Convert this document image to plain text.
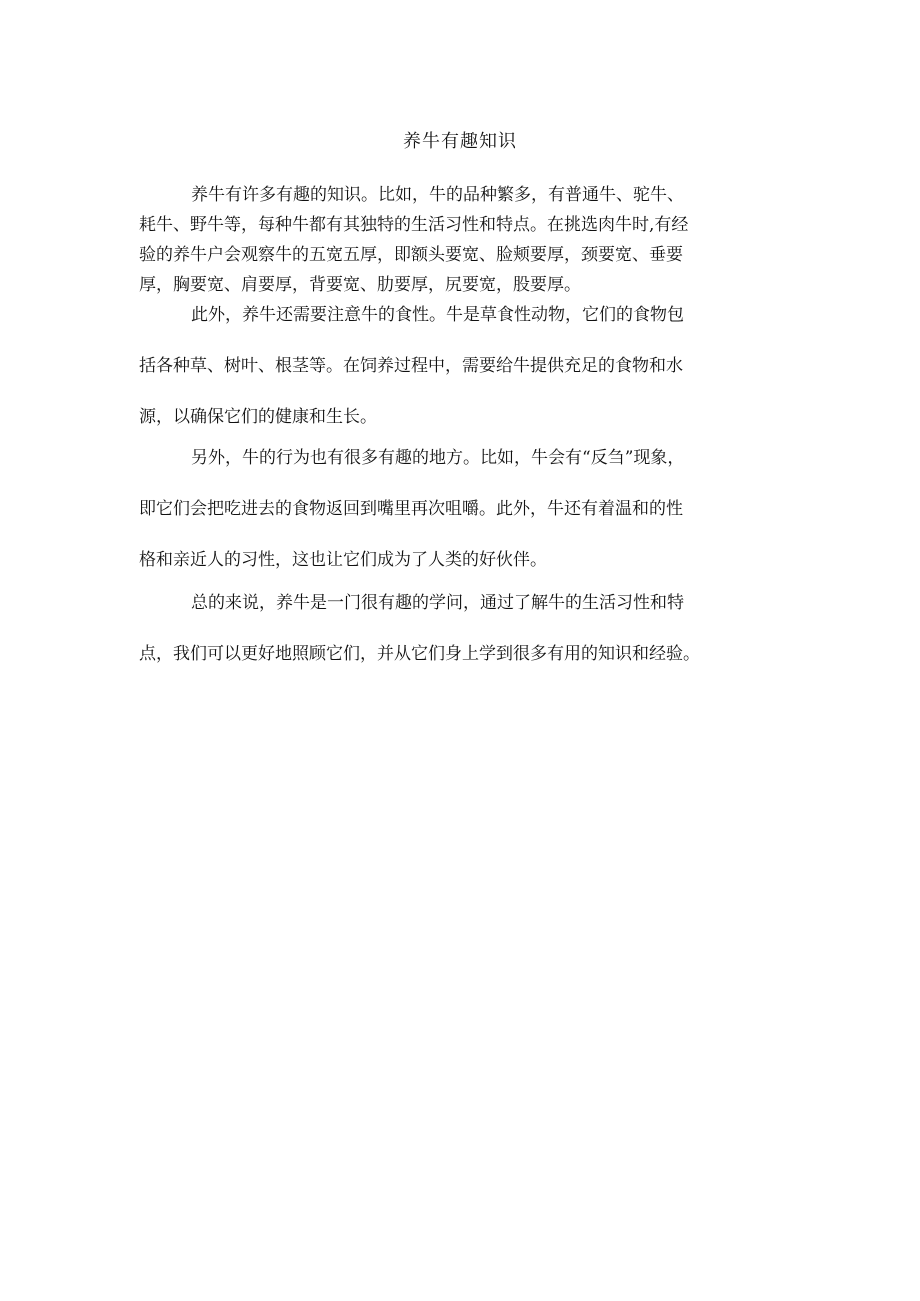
养牛有趣知识

养牛有许多有趣的知识。比如，牛的品种繁多，有普通牛、驼牛、
耗牛、野牛等，每种牛都有其独特的生活习性和特点。在挑选肉牛时,有经
验的养牛户会观察牛的五宽五厚，即额头要宽、脸颊要厚，颈要宽、垂要
厚，胸要宽、肩要厚，背要宽、肋要厚，尻要宽，股要厚。

此外，养牛还需要注意牛的食性。牛是草食性动物，它们的食物包
括各种草、树叶、根茎等。在饲养过程中，需要给牛提供充足的食物和水
源，以确保它们的健康和生长。

另外，牛的行为也有很多有趣的地方。比如，牛会有“反刍”现象，
即它们会把吃进去的食物返回到嘴里再次咀嚼。此外，牛还有着温和的性
格和亲近人的习性，这也让它们成为了人类的好伙伴。

总的来说，养牛是一门很有趣的学问，通过了解牛的生活习性和特
点，我们可以更好地照顾它们，并从它们身上学到很多有用的知识和经验。
